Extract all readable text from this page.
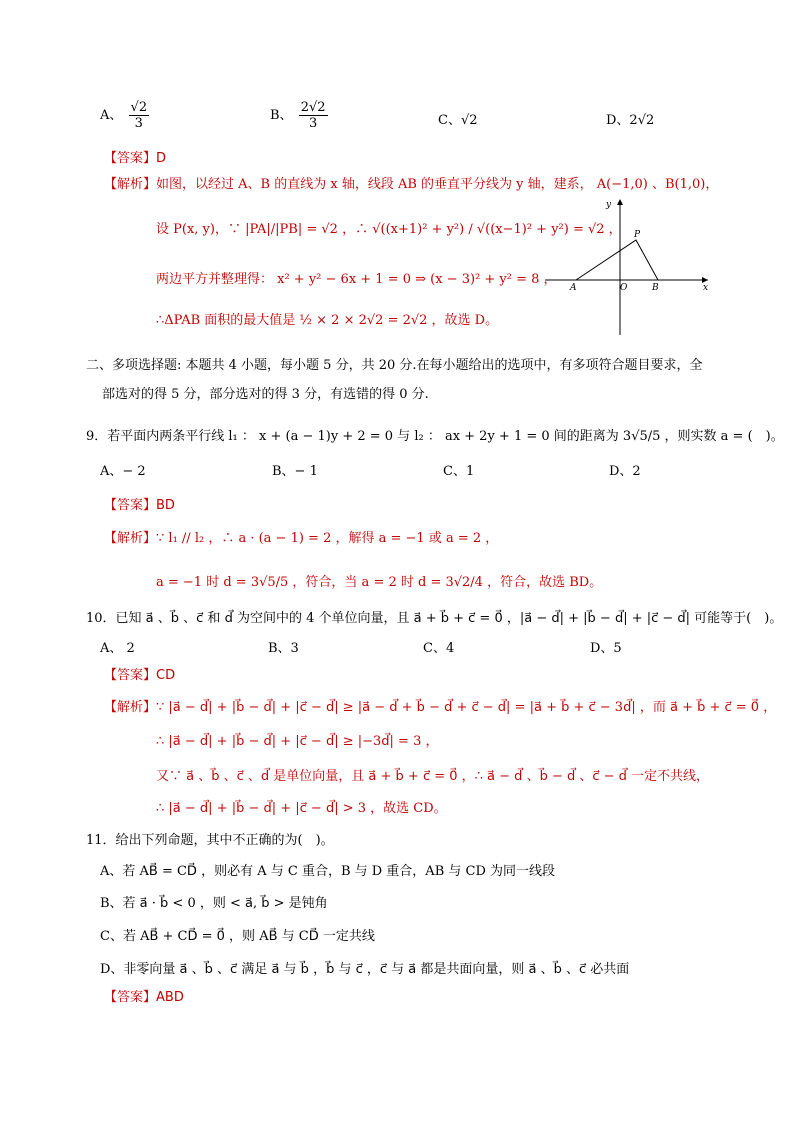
A、 $\frac{√2}{3}$	B、 $\frac{2√2}{3}$	C、√2	D、2√2
【答案】D
【解析】如图，以经过 A、B 的直线为 x 轴，线段 AB 的垂直平分线为 y 轴，建系， A(−1,0) 、B(1,0)，
设 P(x, y)，∵ |PA|/|PB| = √2 ，∴ √((x+1)² + y²) / √((x−1)² + y²) = √2 ，
两边平方并整理得： x² + y² − 6x + 1 = 0 ⇒ (x − 3)² + y² = 8 ，
∴ΔPAB 面积的最大值是 ½ × 2 × 2√2 = 2√2 ，故选 D。
y
x
P
A	O	B
二、多项选择题: 本题共 4 小题，每小题 5 分，共 20 分.在每小题给出的选项中，有多项符合题目要求，全
部选对的得 5 分，部分选对的得 3 分，有选错的得 0 分.
9．若平面内两条平行线 l₁ ： x + (a − 1)y + 2 = 0 与 l₂ ： ax + 2y + 1 = 0 间的距离为 3√5/5 ，则实数 a = (　)。
A、− 2	B、− 1	C、1	D、2
【答案】BD
【解析】∵ l₁ // l₂ ，∴ a · (a − 1) = 2 ，解得 a = −1 或 a = 2 ，
a = −1 时 d = 3√5/5 ，符合，当 a = 2 时 d = 3√2/4 ，符合，故选 BD。
10．已知 a⃗ 、b⃗ 、c⃗ 和 d⃗ 为空间中的 4 个单位向量，且 a⃗ + b⃗ + c⃗ = 0⃗ ，|a⃗ − d⃗| + |b⃗ − d⃗| + |c⃗ − d⃗| 可能等于(　)。
A、 2	B、3	C、4	D、5
【答案】CD
【解析】∵ |a⃗ − d⃗| + |b⃗ − d⃗| + |c⃗ − d⃗| ≥ |a⃗ − d⃗ + b⃗ − d⃗ + c⃗ − d⃗| = |a⃗ + b⃗ + c⃗ − 3d⃗| ，而 a⃗ + b⃗ + c⃗ = 0⃗ ，
∴ |a⃗ − d⃗| + |b⃗ − d⃗| + |c⃗ − d⃗| ≥ |−3d⃗| = 3 ，
又∵ a⃗ 、b⃗ 、c⃗ 、d⃗ 是单位向量，且 a⃗ + b⃗ + c⃗ = 0⃗ ，∴ a⃗ − d⃗ 、b⃗ − d⃗ 、c⃗ − d⃗ 一定不共线，
∴ |a⃗ − d⃗| + |b⃗ − d⃗| + |c⃗ − d⃗| > 3 ，故选 CD。
11．给出下列命题，其中不正确的为(　)。
A、若 AB⃗ = CD⃗ ，则必有 A 与 C 重合，B 与 D 重合，AB 与 CD 为同一线段
B、若 a⃗ · b⃗ < 0 ，则 < a⃗, b⃗ > 是钝角
C、若 AB⃗ + CD⃗ = 0⃗ ，则 AB⃗ 与 CD⃗ 一定共线
D、非零向量 a⃗ 、b⃗ 、c⃗ 满足 a⃗ 与 b⃗ ，b⃗ 与 c⃗ ，c⃗ 与 a⃗ 都是共面向量，则 a⃗ 、b⃗ 、c⃗ 必共面
【答案】ABD
